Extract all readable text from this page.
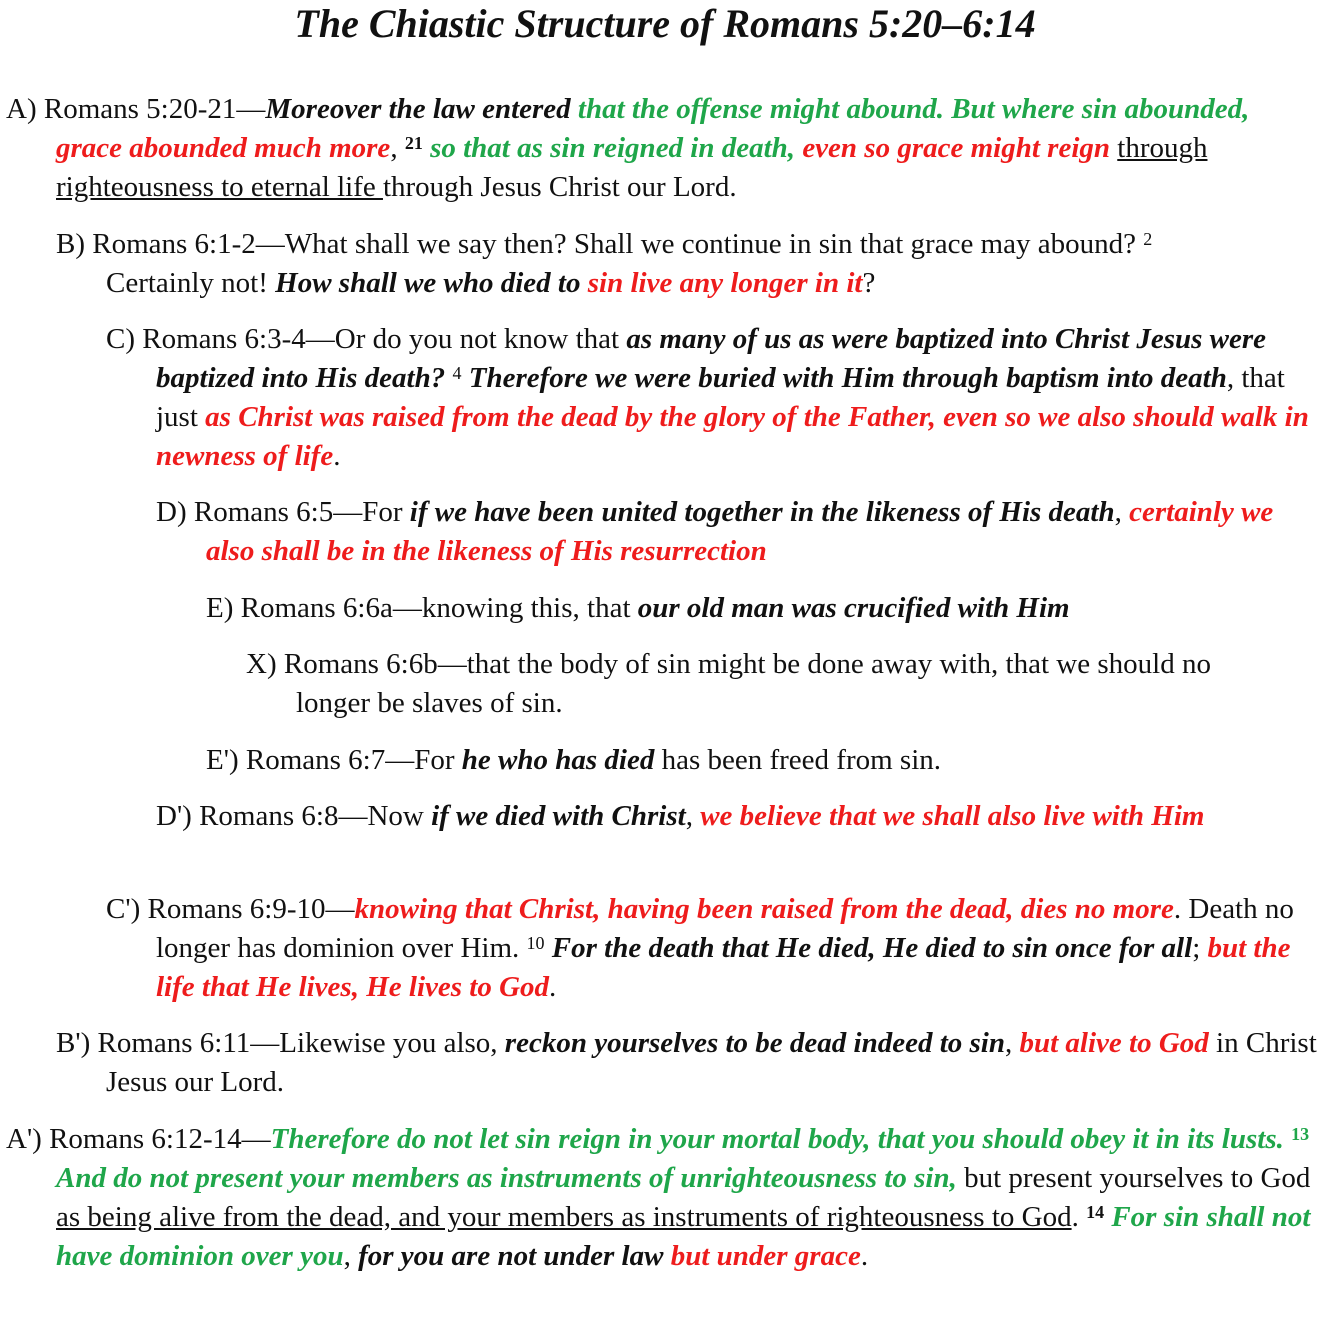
The Chiastic Structure of Romans 5:20–6:14

A) Romans 5:20-21—Moreover the law entered that the offense might abound. But where sin abounded, grace abounded much more, $^{21}$ so that as sin reigned in death, even so grace might reign through righteousness to eternal life through Jesus Christ our Lord.

B) Romans 6:1-2—What shall we say then? Shall we continue in sin that grace may abound? $^2$ Certainly not! How shall we who died to sin live any longer in it?

C) Romans 6:3-4—Or do you not know that as many of us as were baptized into Christ Jesus were baptized into His death? $^4$ Therefore we were buried with Him through baptism into death, that just as Christ was raised from the dead by the glory of the Father, even so we also should walk in newness of life.

D) Romans 6:5—For if we have been united together in the likeness of His death, certainly we also shall be in the likeness of His resurrection

E) Romans 6:6a—knowing this, that our old man was crucified with Him

X) Romans 6:6b—that the body of sin might be done away with, that we should no longer be slaves of sin.

E') Romans 6:7—For he who has died has been freed from sin.

D') Romans 6:8—Now if we died with Christ, we believe that we shall also live with Him

C') Romans 6:9-10—knowing that Christ, having been raised from the dead, dies no more. Death no longer has dominion over Him. $^{10}$ For the death that He died, He died to sin once for all; but the life that He lives, He lives to God.

B') Romans 6:11—Likewise you also, reckon yourselves to be dead indeed to sin, but alive to God in Christ Jesus our Lord.

A') Romans 6:12-14—Therefore do not let sin reign in your mortal body, that you should obey it in its lusts. $^{13}$ And do not present your members as instruments of unrighteousness to sin, but present yourselves to God as being alive from the dead, and your members as instruments of righteousness to God. $^{14}$ For sin shall not have dominion over you, for you are not under law but under grace.
